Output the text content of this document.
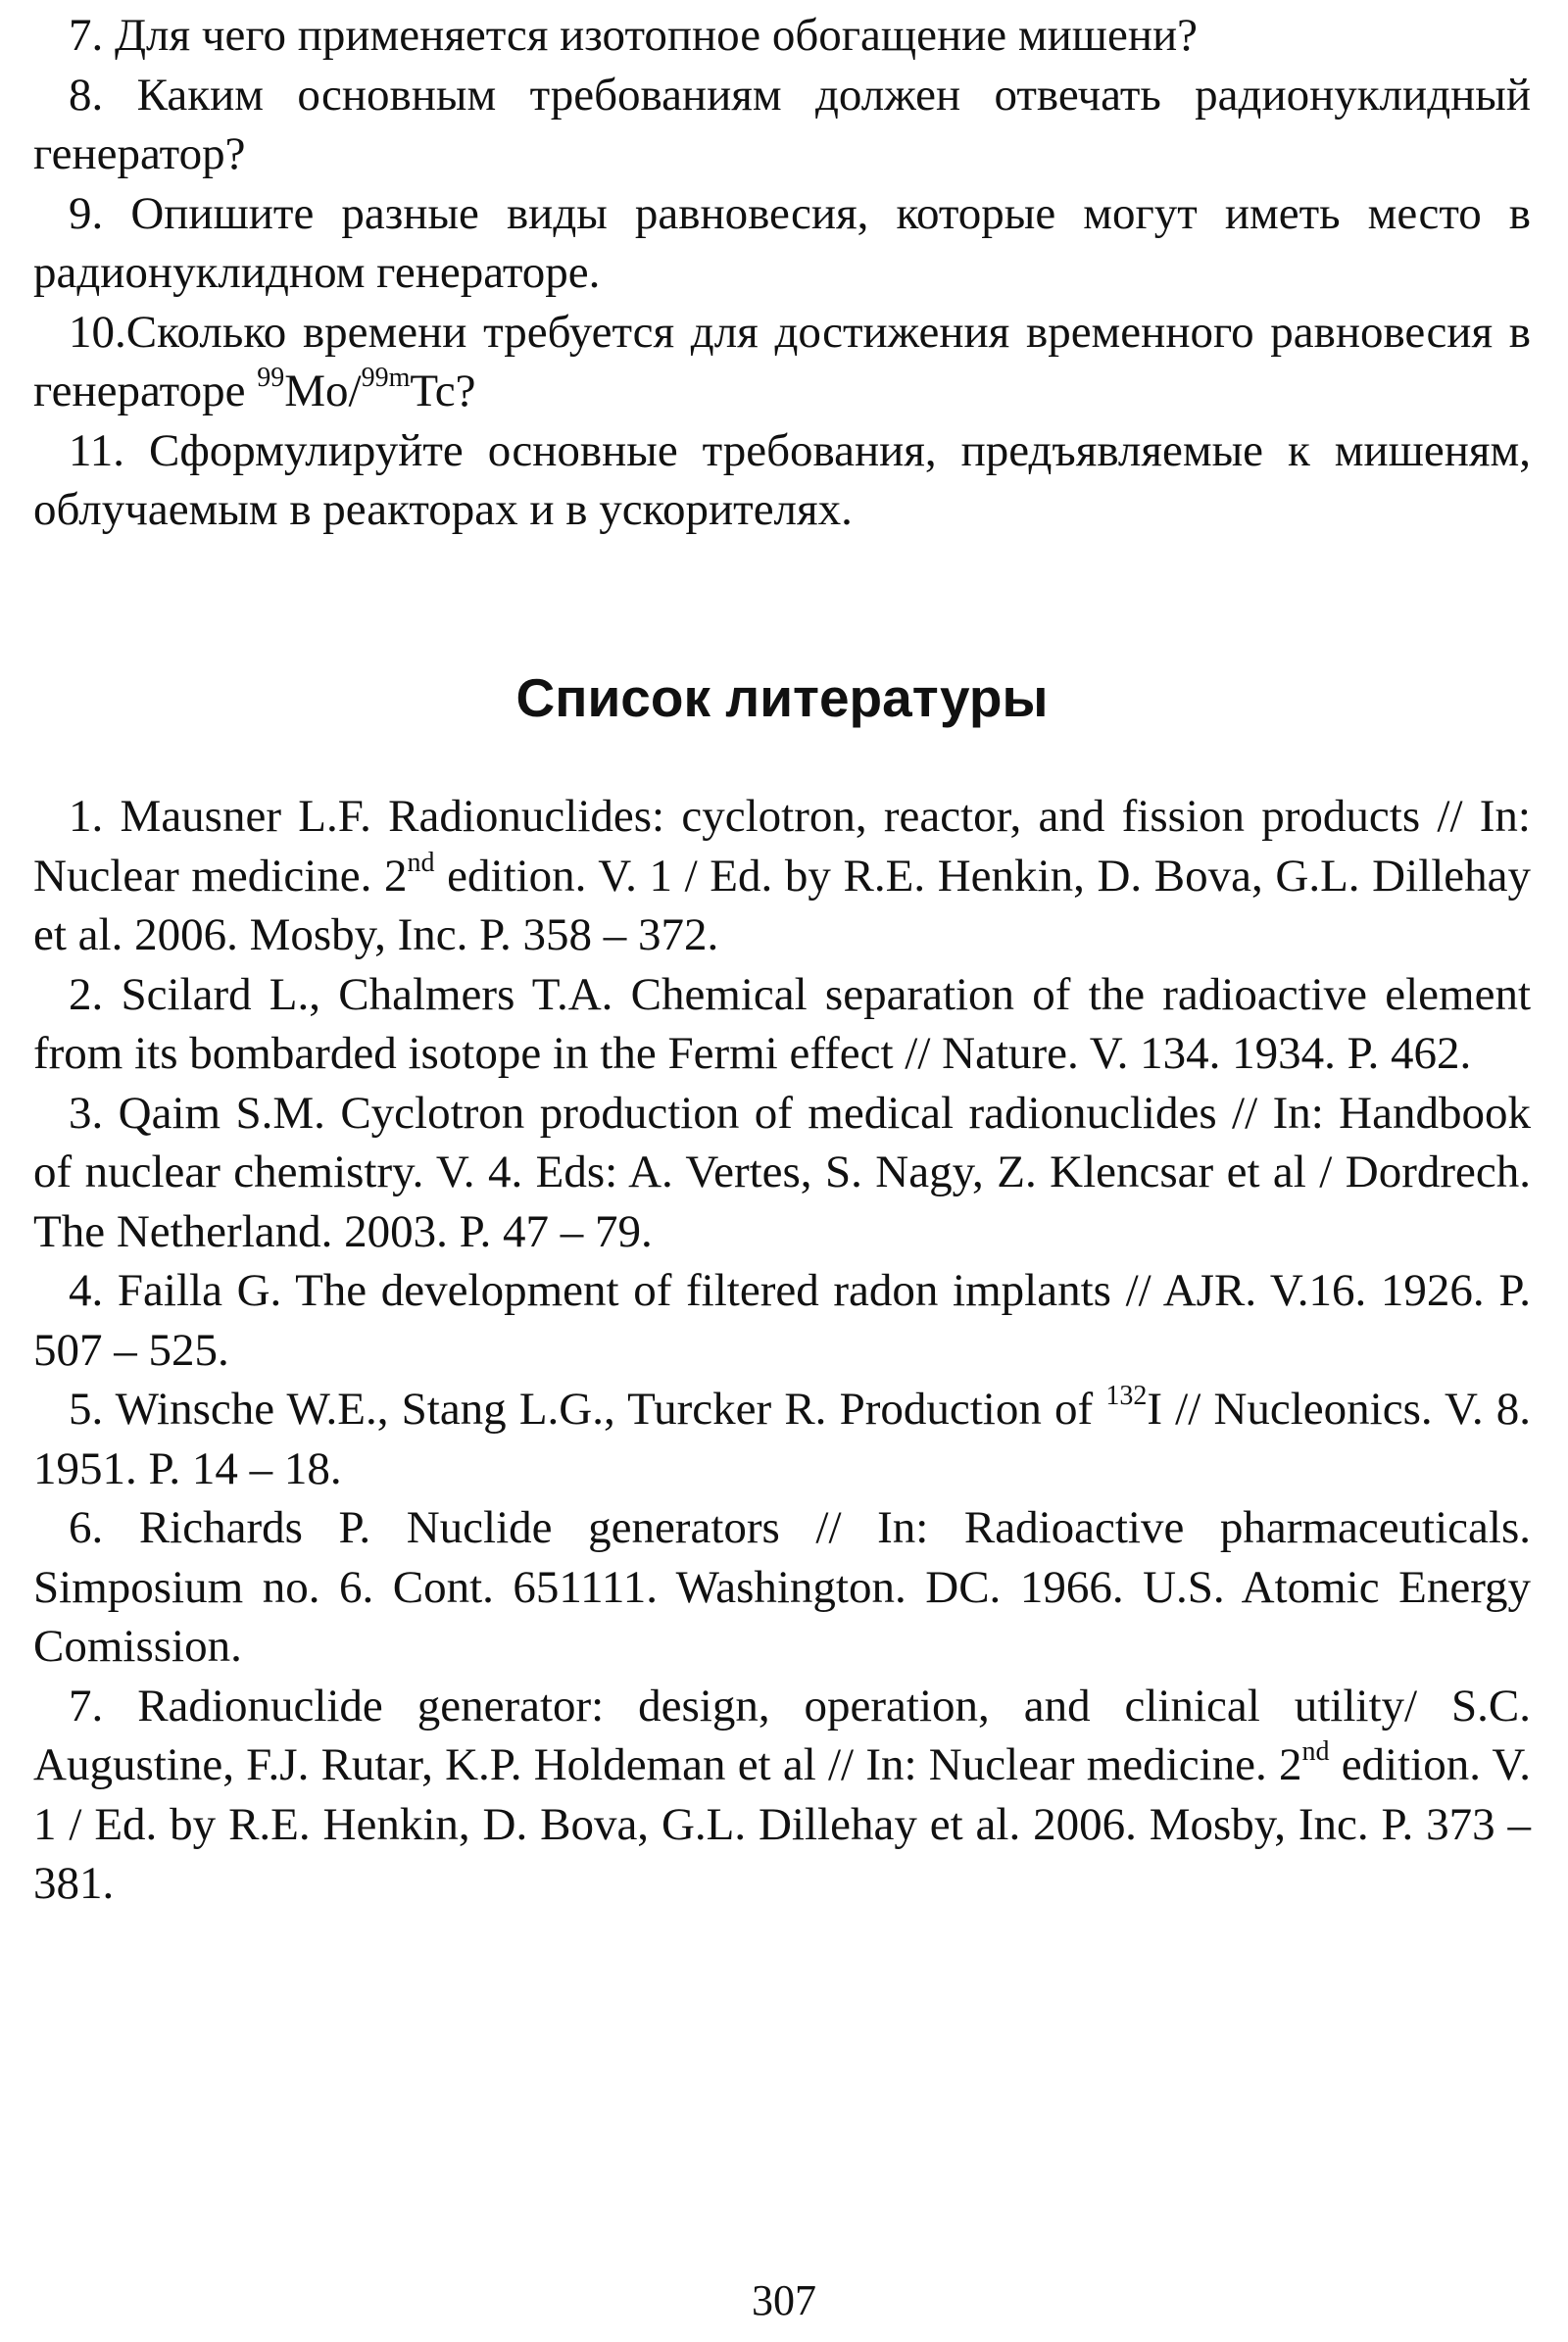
7. Для чего применяется изотопное обогащение мишени?

8. Каким основным требованиям должен отвечать радионуклидный генератор?

9. Опишите разные виды равновесия, которые могут иметь место в радионуклидном генераторе.

10.Сколько времени требуется для достижения временного равновесия в генераторе $^{99}$Mo/$^{99m}$Tc?

11. Сформулируйте основные требования, предъявляемые к мишеням, облучаемым в реакторах и в ускорителях.

Список литературы

1. Mausner L.F. Radionuclides: cyclotron, reactor, and fission products // In: Nuclear medicine. 2nd edition. V. 1 / Ed. by R.E. Henkin, D. Bova, G.L. Dillehay et al. 2006. Mosby, Inc. P. 358 – 372.

2. Scilard L., Chalmers T.A. Chemical separation of the radioactive element from its bombarded isotope in the Fermi effect // Nature. V. 134. 1934. P. 462.

3. Qaim S.M. Cyclotron production of medical radionuclides // In: Handbook of nuclear chemistry. V. 4. Eds: A. Vertes, S. Nagy, Z. Klencsar et al / Dordrech. The Netherland. 2003. P. 47 – 79.

4. Failla G. The development of filtered radon implants // AJR. V.16. 1926. P. 507 – 525.

5. Winsche W.E., Stang L.G., Turcker R. Production of $^{132}$I // Nucleonics. V. 8. 1951. P. 14 – 18.

6. Richards P. Nuclide generators // In: Radioactive pharmaceuticals. Simposium no. 6. Cont. 651111. Washington. DC. 1966. U.S. Atomic Energy Comission.

7. Radionuclide generator: design, operation, and clinical utility/ S.C. Augustine, F.J. Rutar, K.P. Holdeman et al // In: Nuclear medicine. 2nd edition. V. 1 / Ed. by R.E. Henkin, D. Bova, G.L. Dillehay et al. 2006. Mosby, Inc. P. 373 – 381.

307
